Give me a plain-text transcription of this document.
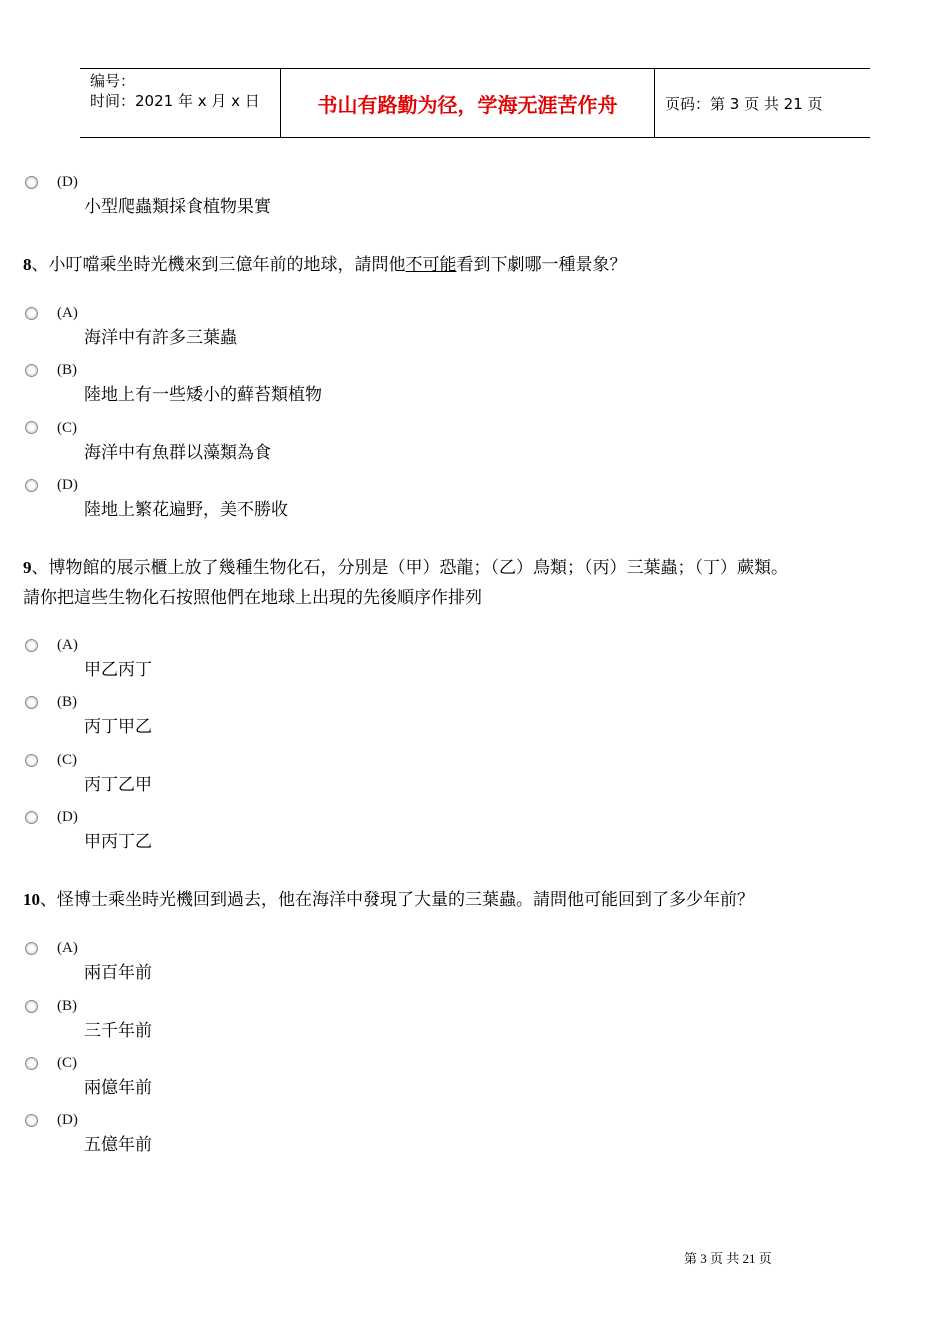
编号：
时间：2021 年 x 月 x 日	书山有路勤为径，学海无涯苦作舟	页码：第 3 页 共 21 页
(D)
小型爬蟲類採食植物果實
8、小叮噹乘坐時光機來到三億年前的地球，請問他不可能看到下劇哪一種景象？
(A)
海洋中有許多三葉蟲
(B)
陸地上有一些矮小的蘚苔類植物
(C)
海洋中有魚群以藻類為食
(D)
陸地上繁花遍野，美不勝收
9、博物館的展示櫃上放了幾種生物化石，分別是（甲）恐龍；（乙）鳥類；（丙）三葉蟲；（丁）蕨類。
請你把這些生物化石按照他們在地球上出現的先後順序作排列
(A)
甲乙丙丁
(B)
丙丁甲乙
(C)
丙丁乙甲
(D)
甲丙丁乙
10、怪博士乘坐時光機回到過去，他在海洋中發現了大量的三葉蟲。請問他可能回到了多少年前？
(A)
兩百年前
(B)
三千年前
(C)
兩億年前
(D)
五億年前
第 3 页 共 21 页
